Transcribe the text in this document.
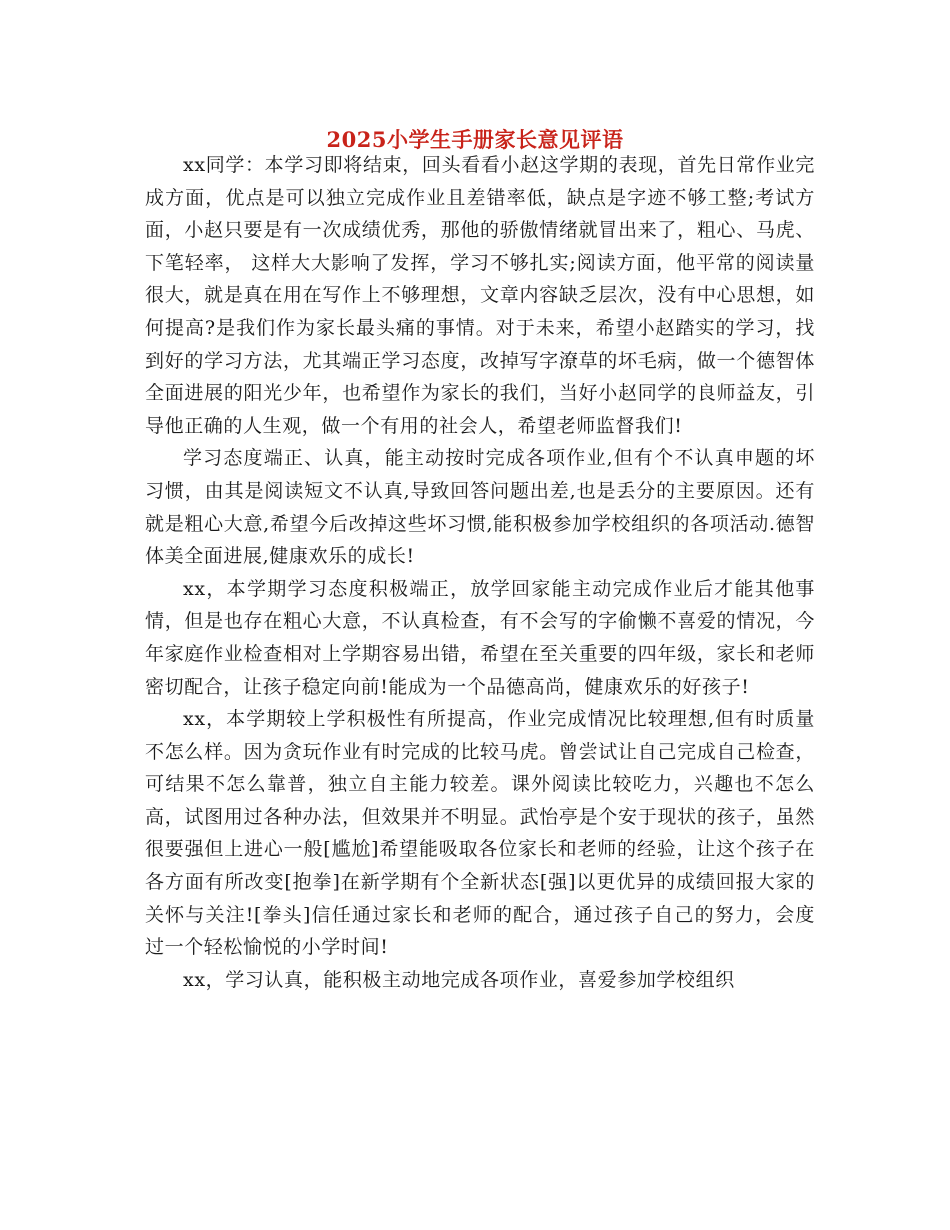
2025小学生手册家长意见评语

xx同学：本学习即将结束，回头看看小赵这学期的表现，首先日常作业完成方面，优点是可以独立完成作业且差错率低，缺点是字迹不够工整;考试方面，小赵只要是有一次成绩优秀，那他的骄傲情绪就冒出来了，粗心、马虎、下笔轻率， 这样大大影响了发挥，学习不够扎实;阅读方面，他平常的阅读量很大，就是真在用在写作上不够理想，文章内容缺乏层次，没有中心思想，如何提高?是我们作为家长最头痛的事情。对于未来，希望小赵踏实的学习，找到好的学习方法，尤其端正学习态度，改掉写字潦草的坏毛病，做一个德智体全面进展的阳光少年，也希望作为家长的我们，当好小赵同学的良师益友，引导他正确的人生观，做一个有用的社会人，希望老师监督我们!

学习态度端正、认真，能主动按时完成各项作业,但有个不认真申题的坏习惯，由其是阅读短文不认真,导致回答问题出差,也是丢分的主要原因。还有就是粗心大意,希望今后改掉这些坏习惯,能积极参加学校组织的各项活动.德智体美全面进展,健康欢乐的成长!

xx，本学期学习态度积极端正，放学回家能主动完成作业后才能其他事情，但是也存在粗心大意，不认真检查，有不会写的字偷懒不喜爱的情况，今年家庭作业检查相对上学期容易出错，希望在至关重要的四年级，家长和老师密切配合，让孩子稳定向前!能成为一个品德高尚，健康欢乐的好孩子!

xx，本学期较上学积极性有所提高，作业完成情况比较理想,但有时质量不怎么样。因为贪玩作业有时完成的比较马虎。曾尝试让自己完成自己检查，可结果不怎么靠普，独立自主能力较差。课外阅读比较吃力，兴趣也不怎么高，试图用过各种办法，但效果并不明显。武怡亭是个安于现状的孩子，虽然很要强但上进心一般[尴尬]希望能吸取各位家长和老师的经验，让这个孩子在各方面有所改变[抱拳]在新学期有个全新状态[强]以更优异的成绩回报大家的关怀与关注![拳头]信任通过家长和老师的配合，通过孩子自己的努力，会度过一个轻松愉悦的小学时间!

xx，学习认真，能积极主动地完成各项作业，喜爱参加学校组织
